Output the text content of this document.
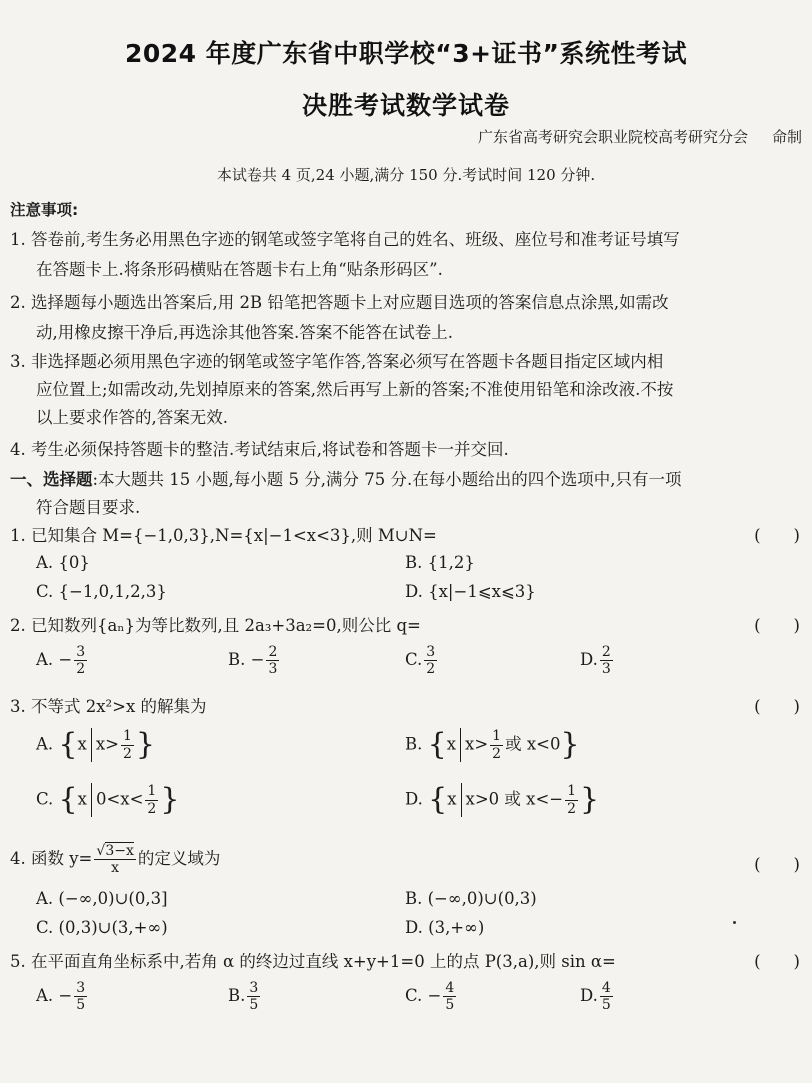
2024 年度广东省中职学校“3+证书”系统性考试
决胜考试数学试卷
广东省高考研究会职业院校高考研究分会 命制
本试卷共 4 页,24 小题,满分 150 分.考试时间 120 分钟.
注意事项:
1. 答卷前,考生务必用黑色字迹的钢笔或签字笔将自己的姓名、班级、座位号和准考证号填写
在答题卡上.将条形码横贴在答题卡右上角“贴条形码区”.
2. 选择题每小题选出答案后,用 2B 铅笔把答题卡上对应题目选项的答案信息点涂黑,如需改
动,用橡皮擦干净后,再选涂其他答案.答案不能答在试卷上.
3. 非选择题必须用黑色字迹的钢笔或签字笔作答,答案必须写在答题卡各题目指定区域内相
应位置上;如需改动,先划掉原来的答案,然后再写上新的答案;不准使用铅笔和涂改液.不按
以上要求作答的,答案无效.
4. 考生必须保持答题卡的整洁.考试结束后,将试卷和答题卡一并交回.
一、选择题:本大题共 15 小题,每小题 5 分,满分 75 分.在每小题给出的四个选项中,只有一项
符合题目要求.
1. 已知集合 M={−1,0,3},N={x|−1<x<3},则 M∪N=	(　　)
A. {0}	B. {1,2}
C. {−1,0,1,2,3}	D. {x|−1⩽x⩽3}
2. 已知数列{aₙ}为等比数列,且 2a₃+3a₂=0,则公比 q=	(　　)
A. − $\frac{3}{2}$	B. − $\frac{2}{3}$	C. $\frac{3}{2}$	D. $\frac{2}{3}$
3. 不等式 2x²>x 的解集为	(　　)
A. {x $x> \frac{1}{2}$ }	B. {x $x> \frac{1}{2}$ 或 x<0}
C. {x $0<x< \frac{1}{2}$ }	D. {x x>0 或 $x<- \frac{1}{2}$ }
4. 函数 $y= \frac{√3-x}{x}$ 的定义域为	(　　)
A. (−∞,0)∪(0,3]	B. (−∞,0)∪(0,3)
C. (0,3)∪(3,+∞)	D. (3,+∞)
5. 在平面直角坐标系中,若角 α 的终边过直线 x+y+1=0 上的点 P(3,a),则 sin α=	(　　)
A. − $\frac{3}{5}$	B. $\frac{3}{5}$	C. − $\frac{4}{5}$	D. $\frac{4}{5}$
